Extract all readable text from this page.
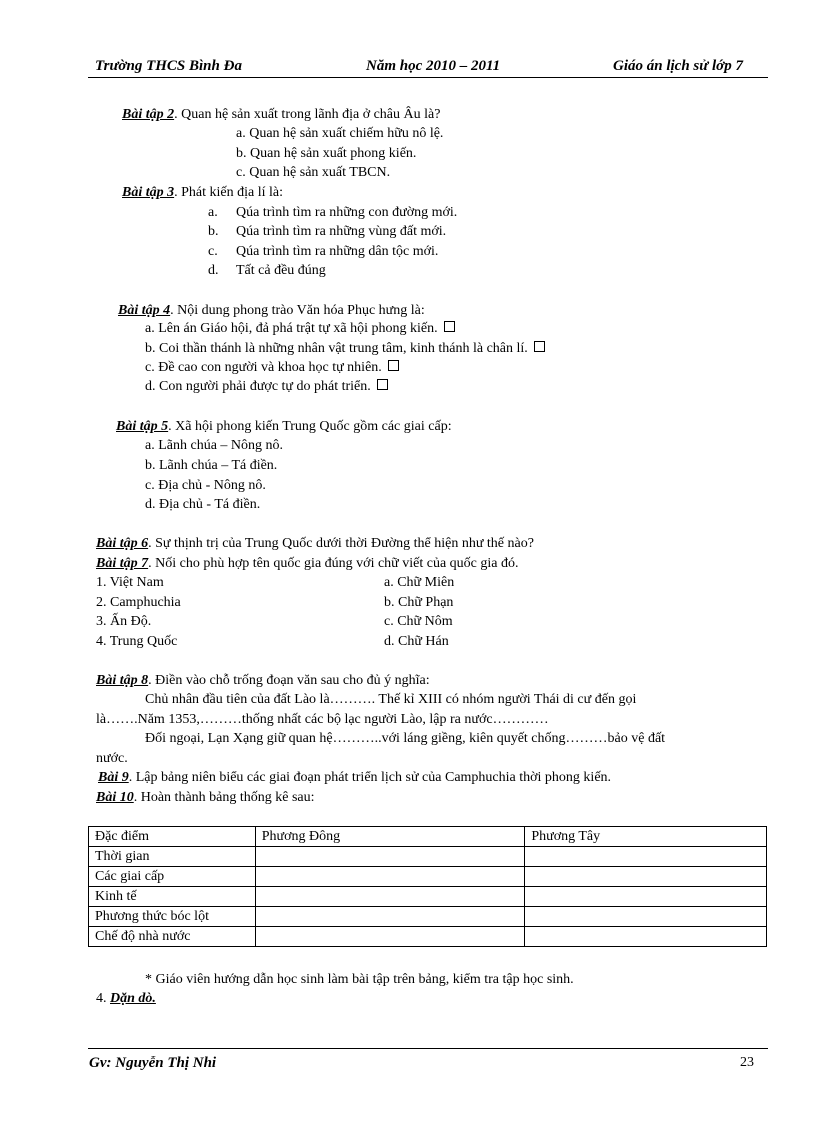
Trường THCS Bình Đa	Năm học 2010 – 2011	Giáo án lịch sử lớp 7
Bài tập 2. Quan hệ sản xuất trong lãnh địa ở châu Âu là?
a. Quan hệ sản xuất chiếm hữu nô lệ.
b. Quan hệ sản xuất phong kiến.
c. Quan hệ sản xuất TBCN.
Bài tập 3. Phát kiến địa lí là:
a. Qúa trình tìm ra những con đường mới.
b. Qúa trình tìm ra những vùng đất mới.
c. Qúa trình tìm ra những dân tộc mới.
d. Tất cả đều đúng
Bài tập 4. Nội dung phong trào Văn hóa Phục hưng là:
a. Lên án Giáo hội, đả phá trật tự xã hội phong kiến.
b. Coi thần thánh là những nhân vật trung tâm, kinh thánh là chân lí.
c. Đề cao con người và khoa học tự nhiên.
d. Con người phải được tự do phát triển.
Bài tập 5. Xã hội phong kiến Trung Quốc gồm các giai cấp:
a. Lãnh chúa – Nông nô.
b. Lãnh chúa – Tá điền.
c. Địa chủ - Nông nô.
d. Địa chủ - Tá điền.
Bài tập 6. Sự thịnh trị của Trung Quốc dưới thời Đường thể hiện như thế nào?
Bài tập 7. Nối cho phù hợp tên quốc gia đúng với chữ viết của quốc gia đó.
1. Việt Nam	a. Chữ Miên
2. Camphuchia	b. Chữ Phạn
3. Ấn Độ.	c. Chữ Nôm
4. Trung Quốc	d. Chữ Hán
Bài tập 8. Điền vào chỗ trống đoạn văn sau cho đủ ý nghĩa:
Chủ nhân đầu tiên của đất Lào là………. Thế kỉ XIII có nhóm người Thái di cư đến gọi
là…….Năm 1353,………thống nhất các bộ lạc người Lào, lập ra nước…………
Đối ngoại, Lạn Xạng giữ quan hệ………..với láng giềng, kiên quyết chống………bảo vệ đất
nước.
Bài 9. Lập bảng niên biểu các giai đoạn phát triển lịch sử của Camphuchia thời phong kiến.
Bài 10. Hoàn thành bảng thống kê sau:
Đặc điểm	Phương Đông	Phương Tây
Thời gian		
Các giai cấp		
Kinh tế		
Phương thức bóc lột		
Chế độ nhà nước		
* Giáo viên hướng dẫn học sinh làm bài tập trên bảng, kiểm tra tập học sinh.
4. Dặn dò.
Gv: Nguyễn Thị Nhi	23
